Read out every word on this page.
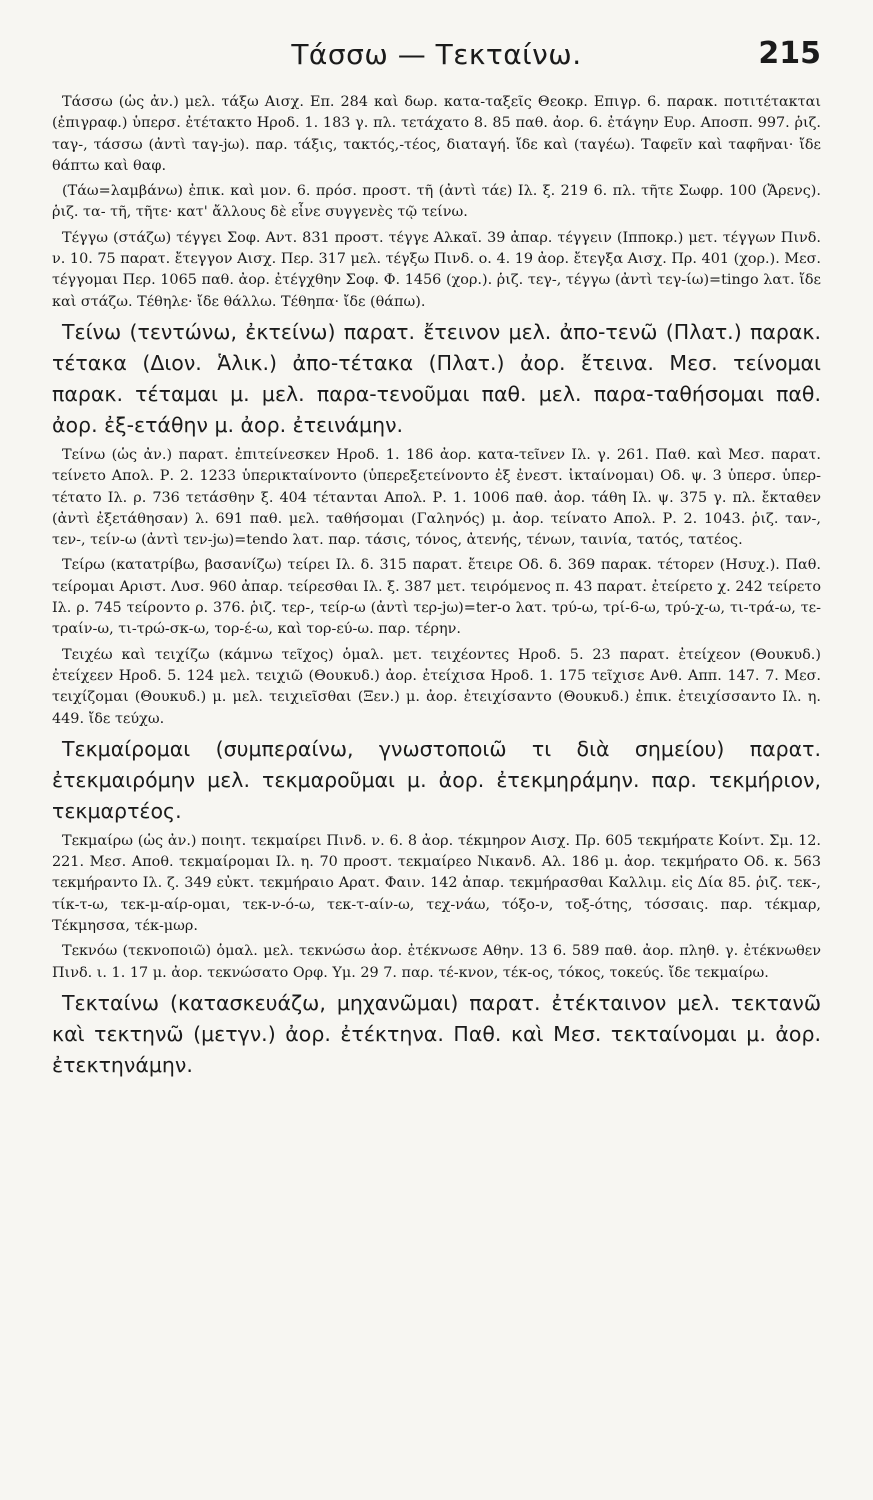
Τάσσω — Τεκταίνω.	215

Τάσσω (ὡς ἀν.) μελ. τάξω Αισχ. Επ. 284 καὶ δωρ. κατα-ταξεῖς Θεοκρ. Επιγρ. 6. παρακ. ποτιτέτακται (ἐπιγραφ.) ὑπερσ. ἐτέτακτο Ηροδ. 1. 183 γ. πλ. τετάχατο 8. 85 παθ. ἀορ. 6. ἐτάγην Ευρ. Αποσπ. 997. ῥιζ. ταγ-, τάσσω (ἀντὶ ταγ-jω). παρ. τάξις, τακτός,-τέος, διαταγή. ἴδε καὶ (ταγέω). Ταφεῖν καὶ ταφῆναι· ἴδε θάπτω καὶ θαφ.

(Τάω=λαμβάνω) ἐπικ. καὶ μον. 6. πρόσ. προστ. τῆ (ἀντὶ τάε) Ιλ. ξ. 219 6. πλ. τῆτε Σωφρ. 100 (Ἄρενς). ῥιζ. τα- τῆ, τῆτε· κατ' ἄλλους δὲ εἶνε συγγενὲς τῷ τείνω.

Τέγγω (στάζω) τέγγει Σοφ. Αντ. 831 προστ. τέγγε Αλκαῖ. 39 ἀπαρ. τέγγειν (Ιπποκρ.) μετ. τέγγων Πινδ. ν. 10. 75 παρατ. ἔτεγγον Αισχ. Περ. 317 μελ. τέγξω Πινδ. ο. 4. 19 ἀορ. ἔτεγξα Αισχ. Πρ. 401 (χορ.). Μεσ. τέγγομαι Περ. 1065 παθ. ἀορ. ἐτέγχθην Σοφ. Φ. 1456 (χορ.). ῥιζ. τεγ-, τέγγω (ἀντὶ τεγ-ίω)=tingo λατ. ἴδε καὶ στάζω. Τέθηλε· ἴδε θάλλω. Τέθηπα· ἴδε (θάπω).

Τείνω (τεντώνω, ἐκτείνω) παρατ. ἔτεινον μελ. ἀπο-τενῶ (Πλατ.) παρακ. τέτακα (Διον. Ἁλικ.) ἀπο-τέτακα (Πλατ.) ἀορ. ἔτεινα. Μεσ. τείνομαι παρακ. τέταμαι μ. μελ. παρα-τενοῦμαι παθ. μελ. παρα-ταθήσομαι παθ. ἀορ. ἐξ-ετάθην μ. ἀορ. ἐτεινάμην.

Τείνω (ὡς ἀν.) παρατ. ἐπιτείνεσκεν Ηροδ. 1. 186 ἀορ. κατα-τεῖνεν Ιλ. γ. 261. Παθ. καὶ Μεσ. παρατ. τείνετο Απολ. Ρ. 2. 1233 ὑπερικταίνοντο (ὑπερεξετείνοντο ἐξ ἐνεστ. ἰκταίνομαι) Οδ. ψ. 3 ὑπερσ. ὑπερ-τέτατο Ιλ. ρ. 736 τετάσθην ξ. 404 τέτανται Απολ. Ρ. 1. 1006 παθ. ἀορ. τάθη Ιλ. ψ. 375 γ. πλ. ἔκταθεν (ἀντὶ ἐξετάθησαν) λ. 691 παθ. μελ. ταθήσομαι (Γαληνός) μ. ἀορ. τείνατο Απολ. Ρ. 2. 1043. ῥιζ. ταν-, τεν-, τείν-ω (ἀντὶ τεν-jω)=tendo λατ. παρ. τάσις, τόνος, ἀτενής, τένων, ταινία, τατός, τατέος.

Τείρω (κατατρίβω, βασανίζω) τείρει Ιλ. δ. 315 παρατ. ἔτειρε Οδ. δ. 369 παρακ. τέτορεν (Ησυχ.). Παθ. τείρομαι Αριστ. Λυσ. 960 ἀπαρ. τείρεσθαι Ιλ. ξ. 387 μετ. τειρόμενος π. 43 παρατ. ἐτείρετο χ. 242 τείρετο Ιλ. ρ. 745 τείροντο ρ. 376. ῥιζ. τερ-, τείρ-ω (ἀντὶ τερ-jω)=ter-o λατ. τρύ-ω, τρί-6-ω, τρύ-χ-ω, τι-τρά-ω, τε-τραίν-ω, τι-τρώ-σκ-ω, τορ-έ-ω, καὶ τορ-εύ-ω. παρ. τέρην.

Τειχέω καὶ τειχίζω (κάμνω τεῖχος) ὁμαλ. μετ. τειχέοντες Ηροδ. 5. 23 παρατ. ἐτείχεον (Θουκυδ.) ἐτείχεεν Ηροδ. 5. 124 μελ. τειχιῶ (Θουκυδ.) ἀορ. ἐτείχισα Ηροδ. 1. 175 τεῖχισε Ανθ. Αππ. 147. 7. Μεσ. τειχίζομαι (Θουκυδ.) μ. μελ. τειχιεῖσθαι (Ξεν.) μ. ἀορ. ἐτειχίσαντο (Θουκυδ.) ἐπικ. ἐτειχίσσαντο Ιλ. η. 449. ἴδε τεύχω.

Τεκμαίρομαι (συμπεραίνω, γνωστοποιῶ τι διὰ σημείου) παρατ. ἐτεκμαιρόμην μελ. τεκμαροῦμαι μ. ἀορ. ἐτεκμηράμην. παρ. τεκμήριον, τεκμαρτέος.

Τεκμαίρω (ὡς ἀν.) ποιητ. τεκμαίρει Πινδ. ν. 6. 8 ἀορ. τέκμηρον Αισχ. Πρ. 605 τεκμήρατε Κοίντ. Σμ. 12. 221. Μεσ. Αποθ. τεκμαίρομαι Ιλ. η. 70 προστ. τεκμαίρεο Νικανδ. Αλ. 186 μ. ἀορ. τεκμήρατο Οδ. κ. 563 τεκμήραντο Ιλ. ζ. 349 εὐκτ. τεκμήραιο Αρατ. Φαιν. 142 ἀπαρ. τεκμήρασθαι Καλλιμ. εἰς Δία 85. ῥιζ. τεκ-, τίκ-τ-ω, τεκ-μ-αίρ-ομαι, τεκ-ν-ό-ω, τεκ-τ-αίν-ω, τεχ-νάω, τόξο-ν, τοξ-ότης, τόσσαις. παρ. τέκμαρ, Τέκμησσα, τέκ-μωρ.

Τεκνόω (τεκνοποιῶ) ὁμαλ. μελ. τεκνώσω ἀορ. ἐτέκνωσε Αθην. 13 6. 589 παθ. ἀορ. πληθ. γ. ἐτέκνωθεν Πινδ. ι. 1. 17 μ. ἀορ. τεκνώσατο Ορφ. Υμ. 29 7. παρ. τέ-κνον, τέκ-ος, τόκος, τοκεύς. ἴδε τεκμαίρω.

Τεκταίνω (κατασκευάζω, μηχανῶμαι) παρατ. ἐτέκταινον μελ. τεκτανῶ καὶ τεκτηνῶ (μετγν.) ἀορ. ἐτέκτηνα. Παθ. καὶ Μεσ. τεκταίνομαι μ. ἀορ. ἐτεκτηνάμην.
